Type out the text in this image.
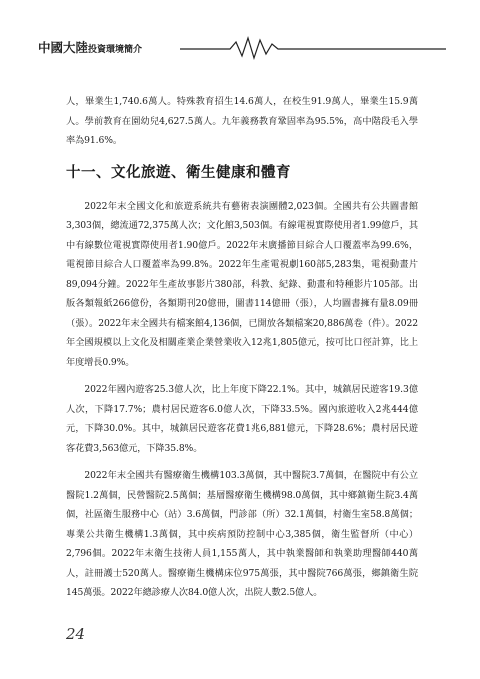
中國大陸投資環境簡介

人，畢業生1,740.6萬人。特殊教育招生14.6萬人，在校生91.9萬人，畢業生15.9萬人。學前教育在園幼兒4,627.5萬人。九年義務教育鞏固率為95.5%，高中階段毛入學率為91.6%。

十一、文化旅遊、衛生健康和體育

2022年末全國文化和旅遊系統共有藝術表演團體2,023個。全國共有公共圖書館3,303個，總流通72,375萬人次；文化館3,503個。有線電視實際使用者1.99億戶，其中有線數位電視實際使用者1.90億戶。2022年末廣播節目綜合人口覆蓋率為99.6%，電視節目綜合人口覆蓋率為99.8%。2022年生產電視劇160部5,283集，電視動畫片89,094分鐘。2022年生產故事影片380部，科教、紀錄、動畫和特種影片105部。出版各類報紙266億份，各類期刊20億冊，圖書114億冊（張），人均圖書擁有量8.09冊（張）。2022年末全國共有檔案館4,136個，已開放各類檔案20,886萬卷（件）。2022年全國規模以上文化及相關產業企業營業收入12兆1,805億元，按可比口徑計算，比上年度增長0.9%。

2022年國內遊客25.3億人次，比上年度下降22.1%。其中，城鎮居民遊客19.3億人次，下降17.7%；農村居民遊客6.0億人次，下降33.5%。國內旅遊收入2兆444億元，下降30.0%。其中，城鎮居民遊客花費1兆6,881億元，下降28.6%；農村居民遊客花費3,563億元，下降35.8%。

2022年末全國共有醫療衛生機構103.3萬個，其中醫院3.7萬個，在醫院中有公立醫院1.2萬個，民營醫院2.5萬個；基層醫療衛生機構98.0萬個，其中鄉鎮衛生院3.4萬個，社區衛生服務中心（站）3.6萬個，門診部（所）32.1萬個，村衛生室58.8萬個；專業公共衛生機構1.3萬個，其中疾病預防控制中心3,385個，衛生監督所（中心）2,796個。2022年末衛生技術人員1,155萬人，其中執業醫師和執業助理醫師440萬人，註冊護士520萬人。醫療衛生機構床位975萬張，其中醫院766萬張，鄉鎮衛生院145萬張。2022年總診療人次84.0億人次，出院人數2.5億人。

24
